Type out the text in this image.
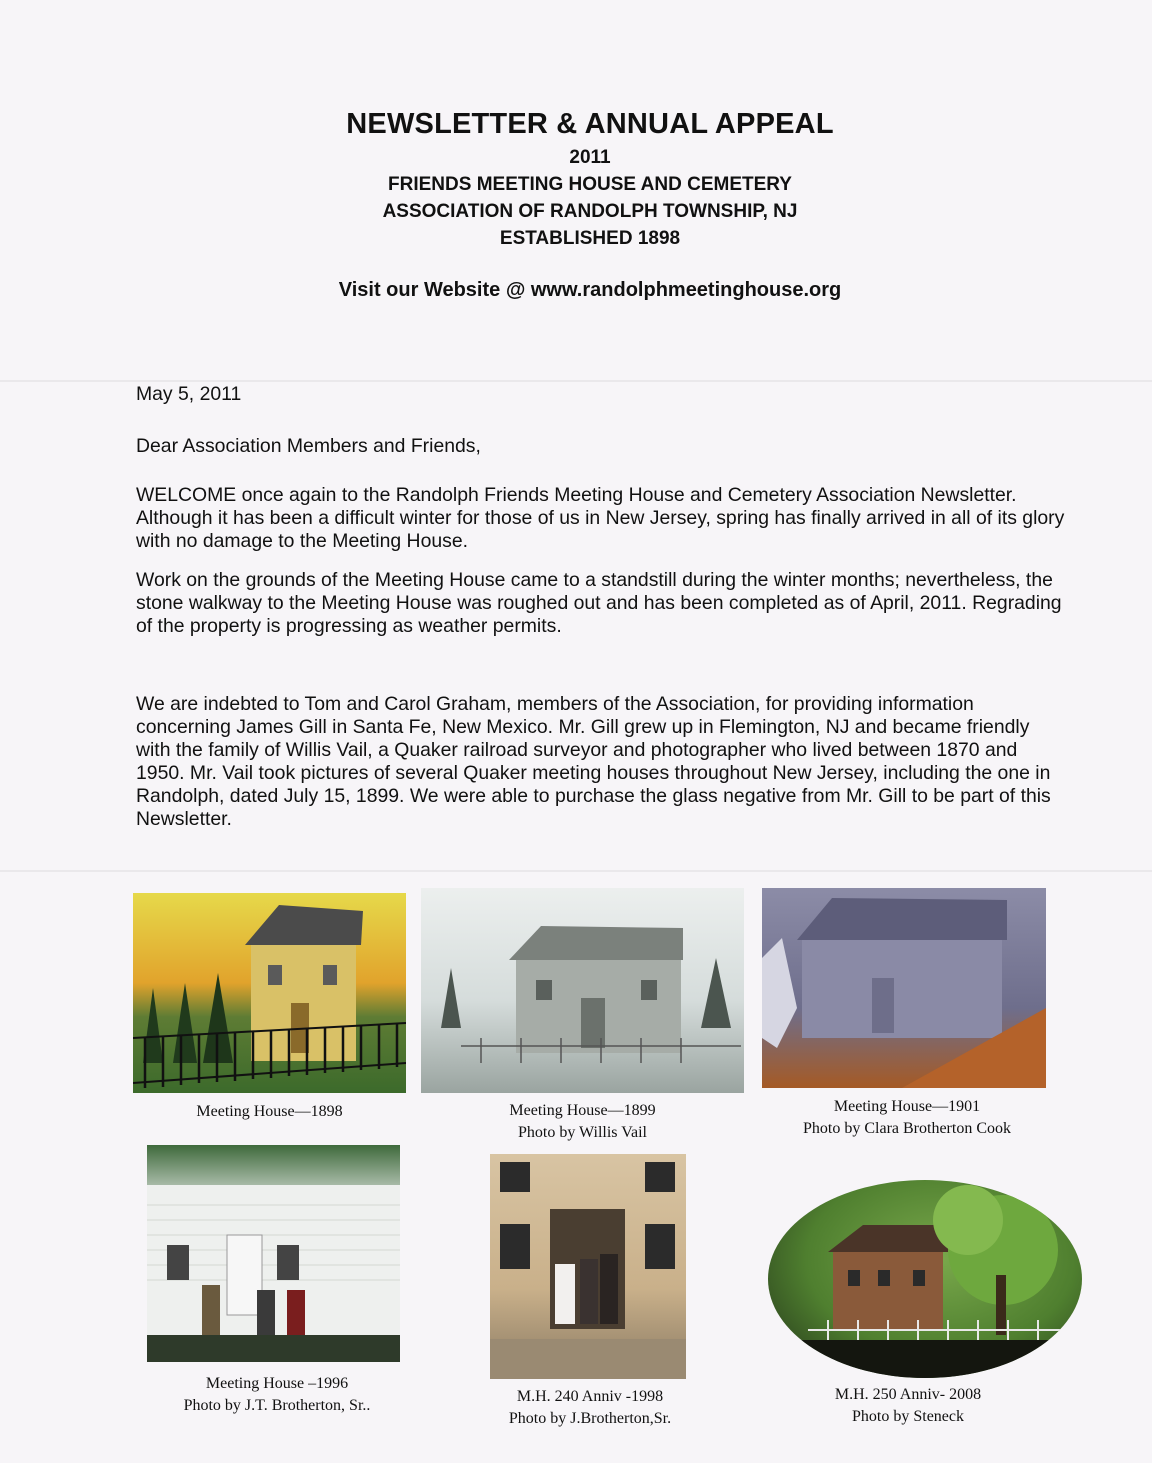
NEWSLETTER & ANNUAL APPEAL
2011
FRIENDS MEETING HOUSE AND CEMETERY
ASSOCIATION OF RANDOLPH TOWNSHIP, NJ
ESTABLISHED 1898
Visit our Website @ www.randolphmeetinghouse.org
May 5, 2011
Dear Association Members and Friends,
WELCOME once again to the Randolph Friends Meeting House and Cemetery Association Newsletter. Although it has been a difficult winter for those of us in New Jersey, spring has finally arrived in all of its glory with no damage to the Meeting House.
Work on the grounds of the Meeting House came to a standstill during the winter months; nevertheless, the stone walkway to the Meeting House was roughed out and has been completed as of April, 2011. Regrading of the property is progressing as weather permits.
We are indebted to Tom and Carol Graham, members of the Association, for providing information concerning James Gill in Santa Fe, New Mexico. Mr. Gill grew up in Flemington, NJ and became friendly with the family of Willis Vail, a Quaker railroad surveyor and photographer who lived between 1870 and 1950. Mr. Vail took pictures of several Quaker meeting houses throughout New Jersey, including the one in Randolph, dated July 15, 1899. We were able to purchase the glass negative from Mr. Gill to be part of this Newsletter.
Meeting House—1898	Meeting House—1899
Photo by Willis Vail
Meeting House—1901
Photo by Clara Brotherton Cook
Meeting House –1996
Photo by J.T. Brotherton, Sr..
M.H. 240 Anniv -1998
Photo by J.Brotherton,Sr.
M.H. 250 Anniv- 2008
Photo by Steneck
